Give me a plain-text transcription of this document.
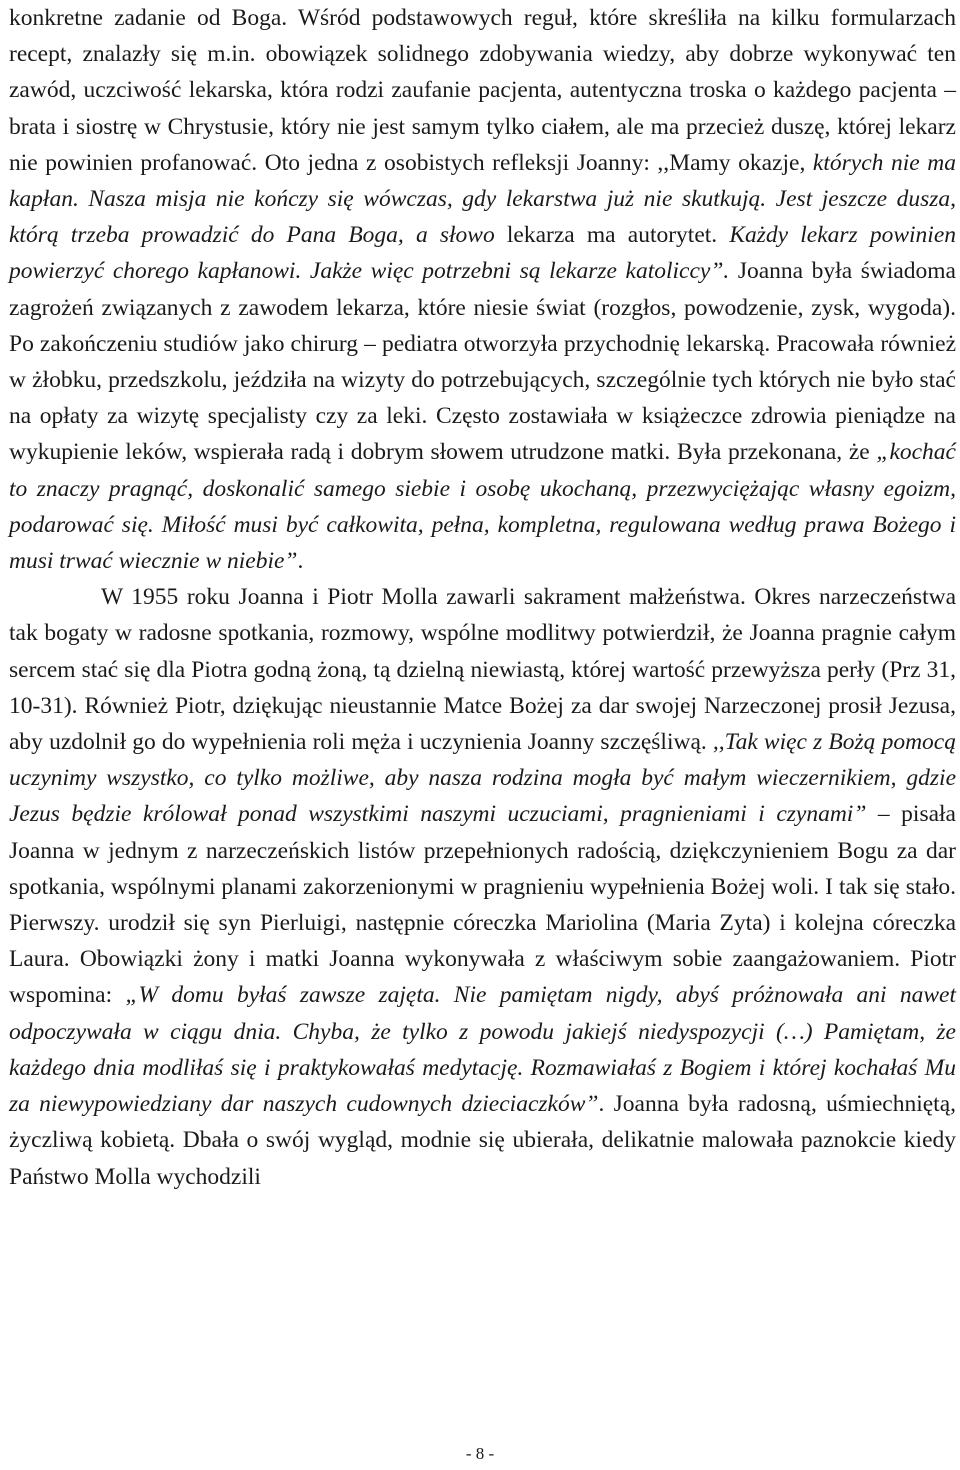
konkretne zadanie od Boga. Wśród podstawowych reguł, które skreśliła na kilku formularzach recept, znalazły się m.in. obowiązek solidnego zdobywania wiedzy, aby dobrze wykonywać ten zawód, uczciwość lekarska, która rodzi zaufanie pacjenta, autentyczna troska o każdego pacjenta – brata i siostrę w Chrystusie, który nie jest samym tylko ciałem, ale ma przecież duszę, której lekarz nie powinien profanować. Oto jedna z osobistych refleksji Joanny: ,,Mamy okazje, których nie ma kapłan. Nasza misja nie kończy się wówczas, gdy lekarstwa już nie skutkują. Jest jeszcze dusza, którą trzeba prowadzić do Pana Boga, a słowo lekarza ma autorytet. Każdy lekarz powinien powierzyć chorego kapłanowi. Jakże więc potrzebni są lekarze katoliccy”. Joanna była świadoma zagrożeń związanych z zawodem lekarza, które niesie świat (rozgłos, powodzenie, zysk, wygoda). Po zakończeniu studiów jako chirurg – pediatra otworzyła przychodnię lekarską. Pracowała również w żłobku, przedszkolu, jeździła na wizyty do potrzebujących, szczególnie tych których nie było stać na opłaty za wizytę specjalisty czy za leki. Często zostawiała w książeczce zdrowia pieniądze na wykupienie leków, wspierała radą i dobrym słowem utrudzone matki. Była przekonana, że „kochać to znaczy pragnąć, doskonalić samego siebie i osobę ukochaną, przezwyciężając własny egoizm, podarować się. Miłość musi być całkowita, pełna, kompletna, regulowana według prawa Bożego i musi trwać wiecznie w niebie”.

W 1955 roku Joanna i Piotr Molla zawarli sakrament małżeństwa. Okres narzeczeństwa tak bogaty w radosne spotkania, rozmowy, wspólne modlitwy potwierdził, że Joanna pragnie całym sercem stać się dla Piotra godną żoną, tą dzielną niewiastą, której wartość przewyższa perły (Prz 31, 10-31). Również Piotr, dziękując nieustannie Matce Bożej za dar swojej Narzeczonej prosił Jezusa, aby uzdolnił go do wypełnienia roli męża i uczynienia Joanny szczęśliwą. ,,Tak więc z Bożą pomocą uczynimy wszystko, co tylko możliwe, aby nasza rodzina mogła być małym wieczernikiem, gdzie Jezus będzie królował ponad wszystkimi naszymi uczuciami, pragnieniami i czynami” – pisała Joanna w jednym z narzeczeńskich listów przepełnionych radością, dziękczynieniem Bogu za dar spotkania, wspólnymi planami zakorzenionymi w pragnieniu wypełnienia Bożej woli. I tak się stało. Pierwszy. urodził się syn Pierluigi, następnie córeczka Mariolina (Maria Zyta) i kolejna córeczka Laura. Obowiązki żony i matki Joanna wykonywała z właściwym sobie zaangażowaniem. Piotr wspomina: „W domu byłaś zawsze zajęta. Nie pamiętam nigdy, abyś próżnowała ani nawet odpoczywała w ciągu dnia. Chyba, że tylko z powodu jakiejś niedyspozycji (…) Pamiętam, że każdego dnia modliłaś się i praktykowałaś medytację. Rozmawiałaś z Bogiem i której kochałaś Mu za niewypowiedziany dar naszych cudownych dzieciaczków”. Joanna była radosną, uśmiechniętą, życzliwą kobietą. Dbała o swój wygląd, modnie się ubierała, delikatnie malowała paznokcie kiedy Państwo Molla wychodzili

- 8 -
